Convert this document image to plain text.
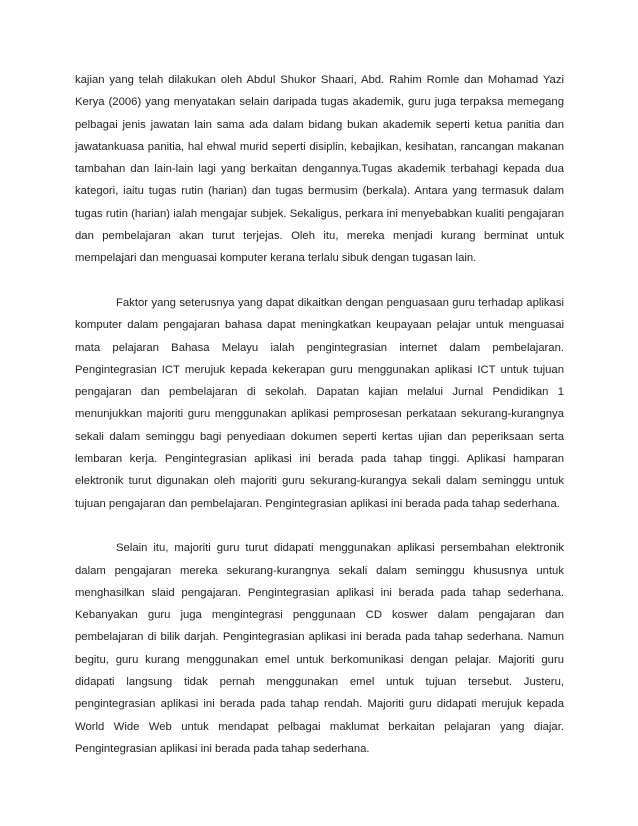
kajian yang telah dilakukan oleh Abdul Shukor Shaari, Abd. Rahim Romle dan Mohamad Yazi Kerya (2006) yang menyatakan selain daripada tugas akademik, guru juga terpaksa memegang pelbagai jenis jawatan lain sama ada dalam bidang bukan akademik seperti ketua panitia dan jawatankuasa panitia, hal ehwal murid seperti disiplin, kebajikan, kesihatan, rancangan makanan tambahan dan lain-lain lagi yang berkaitan dengannya.Tugas akademik terbahagi kepada dua kategori, iaitu tugas rutin (harian) dan tugas bermusim (berkala). Antara yang termasuk dalam tugas rutin (harian) ialah mengajar subjek. Sekaligus, perkara ini menyebabkan kualiti pengajaran dan pembelajaran akan turut terjejas. Oleh itu, mereka menjadi kurang berminat untuk mempelajari dan menguasai komputer kerana terlalu sibuk dengan tugasan lain.

Faktor yang seterusnya yang dapat dikaitkan dengan penguasaan guru terhadap aplikasi komputer dalam pengajaran bahasa dapat meningkatkan keupayaan pelajar untuk menguasai mata pelajaran Bahasa Melayu ialah pengintegrasian internet dalam pembelajaran. Pengintegrasian ICT merujuk kepada kekerapan guru menggunakan aplikasi ICT untuk tujuan pengajaran dan pembelajaran di sekolah. Dapatan kajian melalui Jurnal Pendidikan 1 menunjukkan majoriti guru menggunakan aplikasi pemprosesan perkataan sekurang-kurangnya sekali dalam seminggu bagi penyediaan dokumen seperti kertas ujian dan peperiksaan serta lembaran kerja. Pengintegrasian aplikasi ini berada pada tahap tinggi. Aplikasi hamparan elektronik turut digunakan oleh majoriti guru sekurang-kurangya sekali dalam seminggu untuk tujuan pengajaran dan pembelajaran. Pengintegrasian aplikasi ini berada pada tahap sederhana.

Selain itu, majoriti guru turut didapati menggunakan aplikasi persembahan elektronik dalam pengajaran mereka sekurang-kurangnya sekali dalam seminggu khususnya untuk menghasilkan slaid pengajaran. Pengintegrasian aplikasi ini berada pada tahap sederhana. Kebanyakan guru juga mengintegrasi penggunaan CD koswer dalam pengajaran dan pembelajaran di bilik darjah. Pengintegrasian aplikasi ini berada pada tahap sederhana. Namun begitu, guru kurang menggunakan emel untuk berkomunikasi dengan pelajar. Majoriti guru didapati langsung tidak pernah menggunakan emel untuk tujuan tersebut. Justeru, pengintegrasian aplikasi ini berada pada tahap rendah. Majoriti guru didapati merujuk kepada World Wide Web untuk mendapat pelbagai maklumat berkaitan pelajaran yang diajar. Pengintegrasian aplikasi ini berada pada tahap sederhana.
